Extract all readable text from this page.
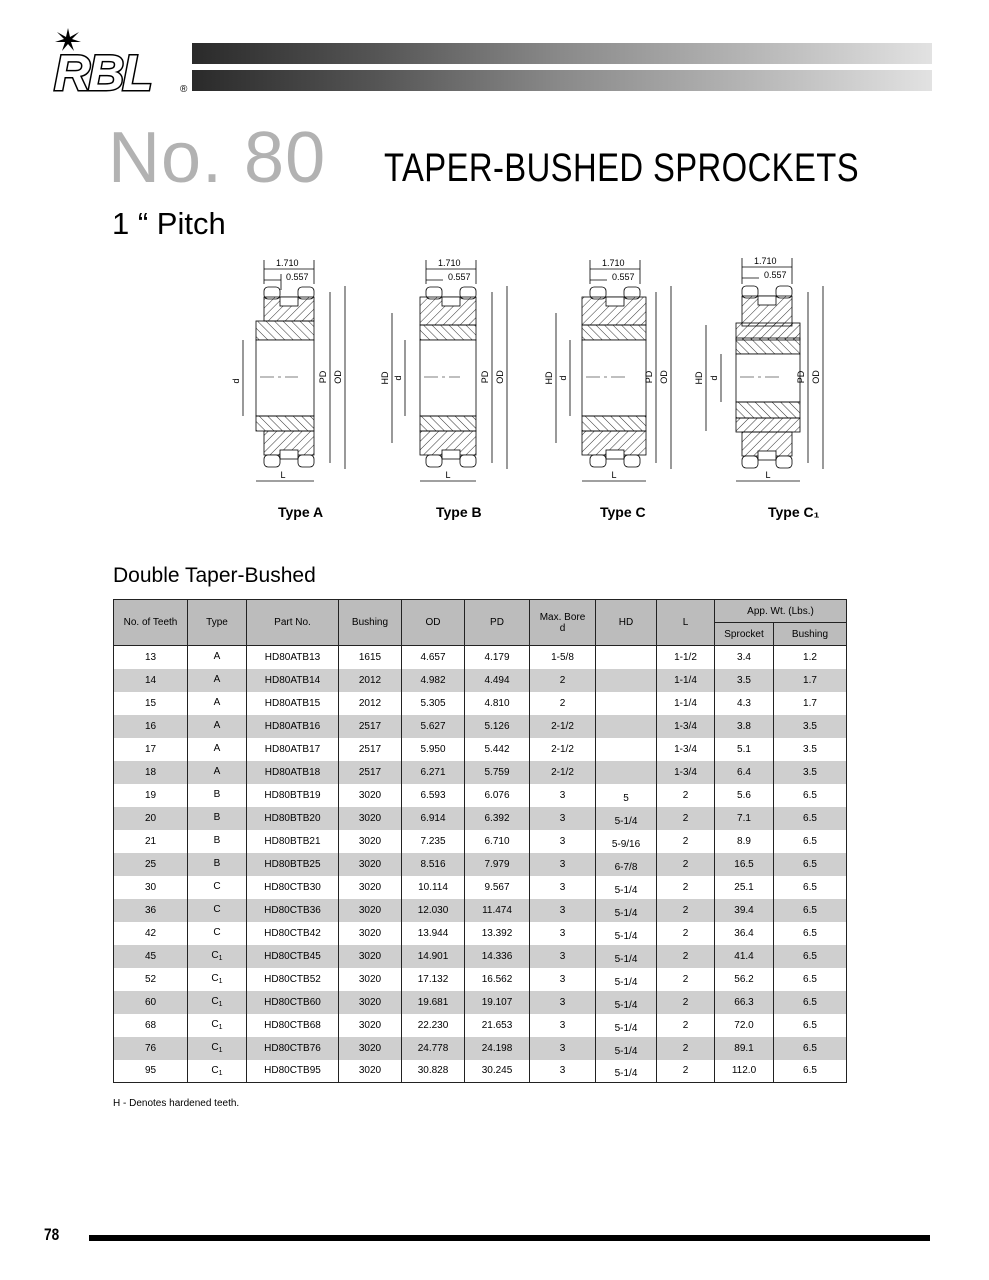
RBL	®
No. 80 TAPER-BUSHED SPROCKETS
1 “ Pitch
1.710
0.557
d	PD OD
L
1.710
0.557
HD d	PD OD
L
1.710
0.557
HD d	PD OD
L
1.710
0.557
HD d	PD OD
L
Type A	Type B	Type C	Type C₁
Double Taper-Bushed
No. of Teeth	Type	Part No.	Bushing	OD	PD	Max. Bore
d	HD	L	App. Wt. (Lbs.)	
									Sprocket	Bushing
13	A	HD80ATB13	1615	4.657	4.179	1-5/8		1-1/2	3.4	1.2
14	A	HD80ATB14	2012	4.982	4.494	2		1-1/4	3.5	1.7
15	A	HD80ATB15	2012	5.305	4.810	2		1-1/4	4.3	1.7
16	A	HD80ATB16	2517	5.627	5.126	2-1/2		1-3/4	3.8	3.5
17	A	HD80ATB17	2517	5.950	5.442	2-1/2		1-3/4	5.1	3.5
18	A	HD80ATB18	2517	6.271	5.759	2-1/2		1-3/4	6.4	3.5
19	B	HD80BTB19	3020	6.593	6.076	3	5	2	5.6	6.5
20	B	HD80BTB20	3020	6.914	6.392	3	5-1/4	2	7.1	6.5
21	B	HD80BTB21	3020	7.235	6.710	3	5-9/16	2	8.9	6.5
25	B	HD80BTB25	3020	8.516	7.979	3	6-7/8	2	16.5	6.5
30	C	HD80CTB30	3020	10.114	9.567	3	5-1/4	2	25.1	6.5
36	C	HD80CTB36	3020	12.030	11.474	3	5-1/4	2	39.4	6.5
42	C	HD80CTB42	3020	13.944	13.392	3	5-1/4	2	36.4	6.5
45	$C_1$	HD80CTB45	3020	14.901	14.336	3	5-1/4	2	41.4	6.5
52	$C_1$	HD80CTB52	3020	17.132	16.562	3	5-1/4	2	56.2	6.5
60	$C_1$	HD80CTB60	3020	19.681	19.107	3	5-1/4	2	66.3	6.5
68	$C_1$	HD80CTB68	3020	22.230	21.653	3	5-1/4	2	72.0	6.5
76	$C_1$	HD80CTB76	3020	24.778	24.198	3	5-1/4	2	89.1	6.5
95	$C_1$	HD80CTB95	3020	30.828	30.245	3	5-1/4	2	112.0	6.5
H - Denotes hardened teeth.
78
